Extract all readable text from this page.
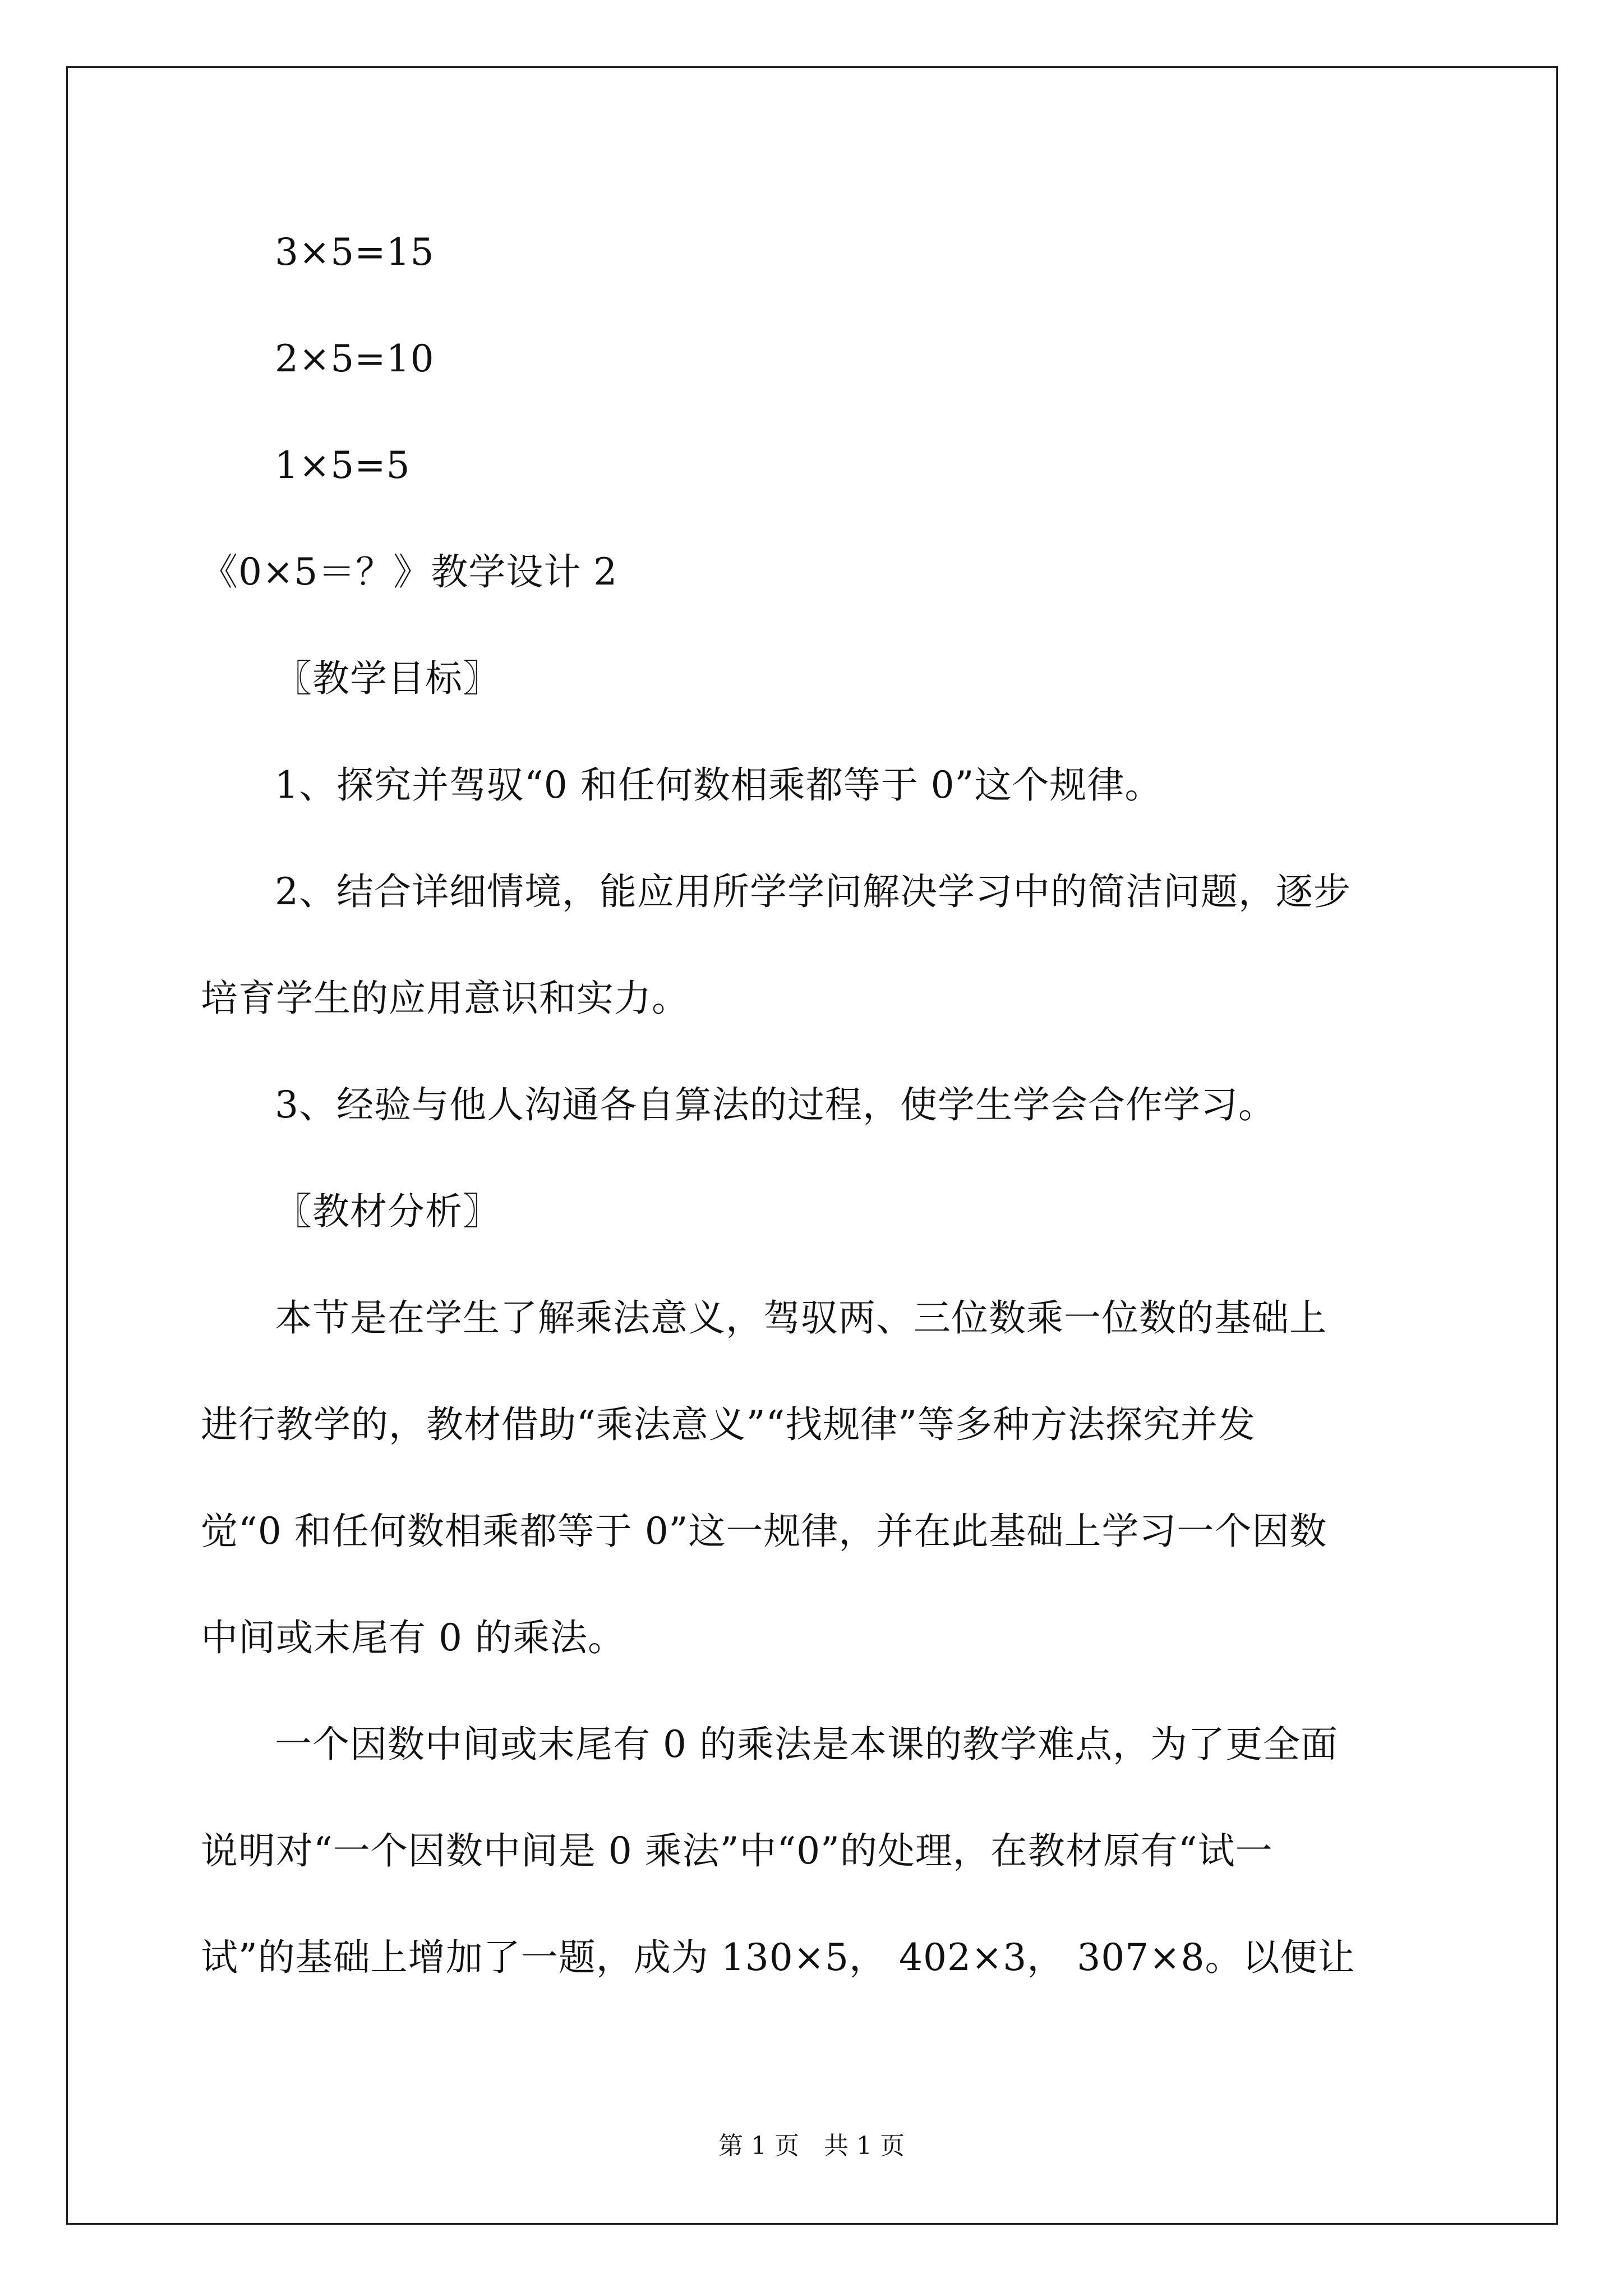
3×5=15
2×5=10
1×5=5
《0×5＝？》教学设计 2
〖教学目标〗
1、探究并驾驭“0 和任何数相乘都等于 0”这个规律。
2、结合详细情境，能应用所学学问解决学习中的简洁问题，逐步
培育学生的应用意识和实力。
3、经验与他人沟通各自算法的过程，使学生学会合作学习。
〖教材分析〗
本节是在学生了解乘法意义，驾驭两、三位数乘一位数的基础上
进行教学的，教材借助“乘法意义”“找规律”等多种方法探究并发
觉“0 和任何数相乘都等于 0”这一规律，并在此基础上学习一个因数
中间或末尾有 0 的乘法。
一个因数中间或末尾有 0 的乘法是本课的教学难点，为了更全面
说明对“一个因数中间是 0 乘法”中“0”的处理，在教材原有“试一
试”的基础上增加了一题，成为 130×5， 402×3， 307×8。以便让
第 1 页　共 1 页
